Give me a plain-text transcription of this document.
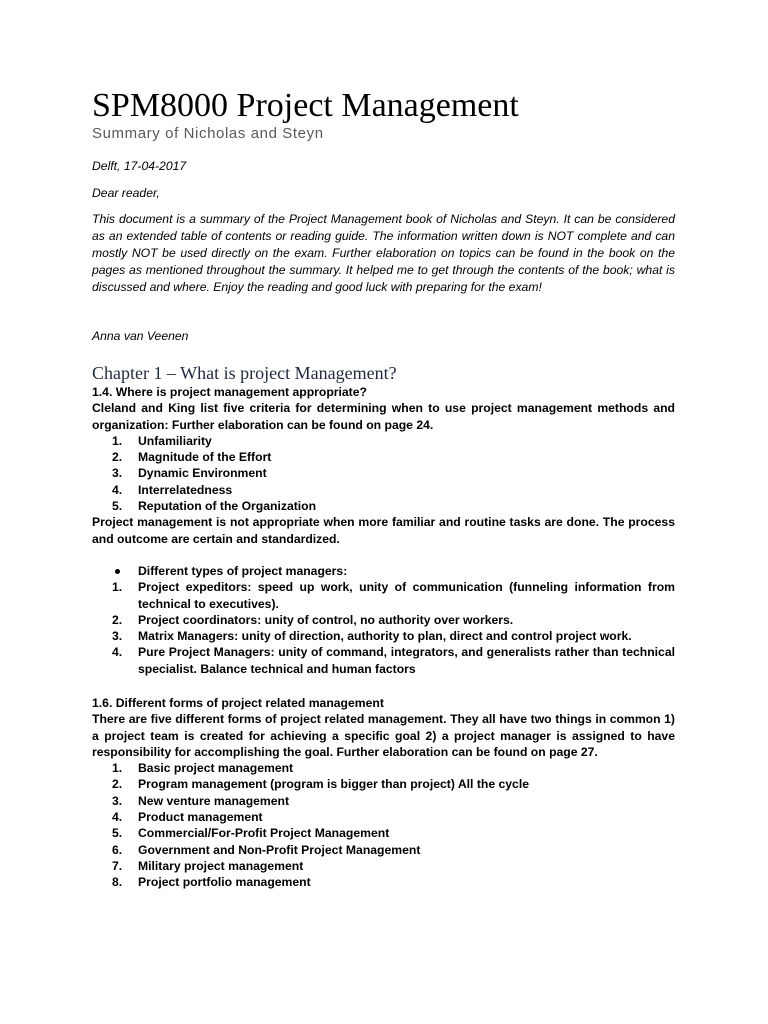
SPM8000 Project Management
Summary of Nicholas and Steyn
Delft, 17-04-2017
Dear reader,
This document is a summary of the Project Management book of Nicholas and Steyn. It can be considered as an extended table of contents or reading guide. The information written down is NOT complete and can mostly NOT be used directly on the exam. Further elaboration on topics can be found in the book on the pages as mentioned throughout the summary. It helped me to get through the contents of the book; what is discussed and where. Enjoy the reading and good luck with preparing for the exam!
Anna van Veenen
Chapter 1 – What is project Management?
1.4. Where is project management appropriate?
Cleland and King list five criteria for determining when to use project management methods and organization: Further elaboration can be found on page 24.
1.	Unfamiliarity
2.	Magnitude of the Effort
3.	Dynamic Environment
4.	Interrelatedness
5.	Reputation of the Organization
Project management is not appropriate when more familiar and routine tasks are done. The process and outcome are certain and standardized.
Different types of project managers:
1.	Project expeditors: speed up work, unity of communication (funneling information from technical to executives).
2.	Project coordinators: unity of control, no authority over workers.
3.	Matrix Managers: unity of direction, authority to plan, direct and control project work.
4.	Pure Project Managers: unity of command, integrators, and generalists rather than technical specialist. Balance technical and human factors
1.6. Different forms of project related management
There are five different forms of project related management. They all have two things in common 1) a project team is created for achieving a specific goal 2) a project manager is assigned to have responsibility for accomplishing the goal. Further elaboration can be found on page 27.
1.	Basic project management
2.	Program management (program is bigger than project) All the cycle
3.	New venture management
4.	Product management
5.	Commercial/For-Profit Project Management
6.	Government and Non-Profit Project Management
7.	Military project management
8.	Project portfolio management
